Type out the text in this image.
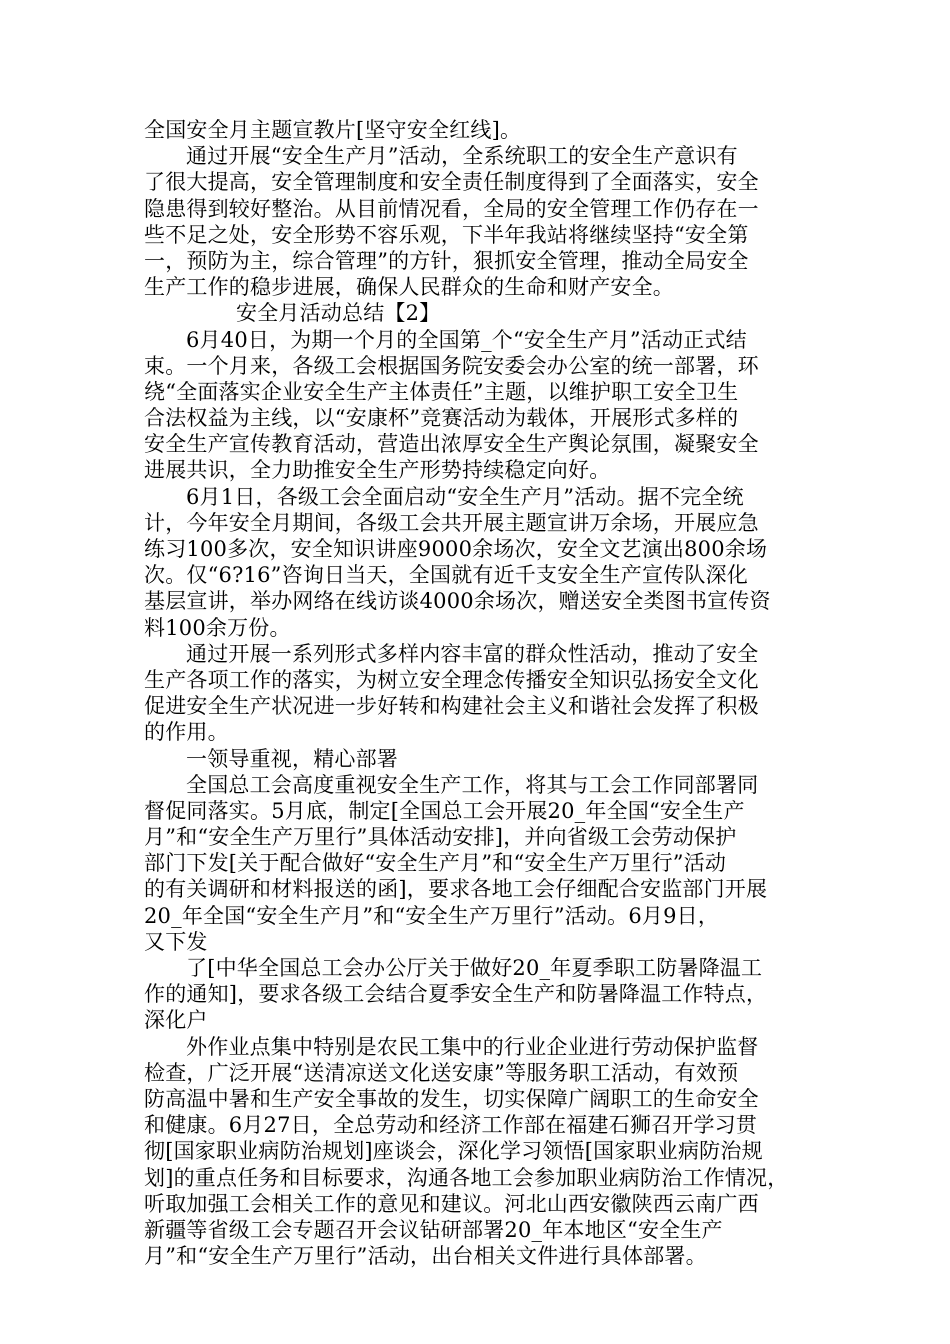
全国安全月主题宣教片[坚守安全红线]。
通过开展“安全生产月”活动，全系统职工的安全生产意识有
了很大提高，安全管理制度和安全责任制度得到了全面落实，安全
隐患得到较好整治。从目前情况看，全局的安全管理工作仍存在一
些不足之处，安全形势不容乐观，下半年我站将继续坚持“安全第
一，预防为主，综合管理”的方针，狠抓安全管理，推动全局安全
生产工作的稳步进展，确保人民群众的生命和财产安全。
安全月活动总结【2】
6月40日，为期一个月的全国第_个“安全生产月”活动正式结
束。一个月来，各级工会根据国务院安委会办公室的统一部署，环
绕“全面落实企业安全生产主体责任”主题，以维护职工安全卫生
合法权益为主线，以“安康杯”竞赛活动为载体，开展形式多样的
安全生产宣传教育活动，营造出浓厚安全生产舆论氛围，凝聚安全
进展共识，全力助推安全生产形势持续稳定向好。
6月1日，各级工会全面启动“安全生产月”活动。据不完全统
计，今年安全月期间，各级工会共开展主题宣讲万余场，开展应急
练习100多次，安全知识讲座9000余场次，安全文艺演出800余场
次。仅“6?16”咨询日当天，全国就有近千支安全生产宣传队深化
基层宣讲，举办网络在线访谈4000余场次，赠送安全类图书宣传资
料100余万份。
通过开展一系列形式多样内容丰富的群众性活动，推动了安全
生产各项工作的落实，为树立安全理念传播安全知识弘扬安全文化
促进安全生产状况进一步好转和构建社会主义和谐社会发挥了积极
的作用。
一领导重视，精心部署
全国总工会高度重视安全生产工作，将其与工会工作同部署同
督促同落实。5月底，制定[全国总工会开展20_年全国“安全生产
月”和“安全生产万里行”具体活动安排]，并向省级工会劳动保护
部门下发[关于配合做好“安全生产月”和“安全生产万里行”活动
的有关调研和材料报送的函]，要求各地工会仔细配合安监部门开展
20_年全国“安全生产月”和“安全生产万里行”活动。6月9日，
又下发
了[中华全国总工会办公厅关于做好20_年夏季职工防暑降温工
作的通知]，要求各级工会结合夏季安全生产和防暑降温工作特点，
深化户
外作业点集中特别是农民工集中的行业企业进行劳动保护监督
检查，广泛开展“送清凉送文化送安康”等服务职工活动，有效预
防高温中暑和生产安全事故的发生，切实保障广阔职工的生命安全
和健康。6月27日，全总劳动和经济工作部在福建石狮召开学习贯
彻[国家职业病防治规划]座谈会，深化学习领悟[国家职业病防治规
划]的重点任务和目标要求，沟通各地工会参加职业病防治工作情况，
听取加强工会相关工作的意见和建议。河北山西安徽陕西云南广西
新疆等省级工会专题召开会议钻研部署20_年本地区“安全生产
月”和“安全生产万里行”活动，出台相关文件进行具体部署。
